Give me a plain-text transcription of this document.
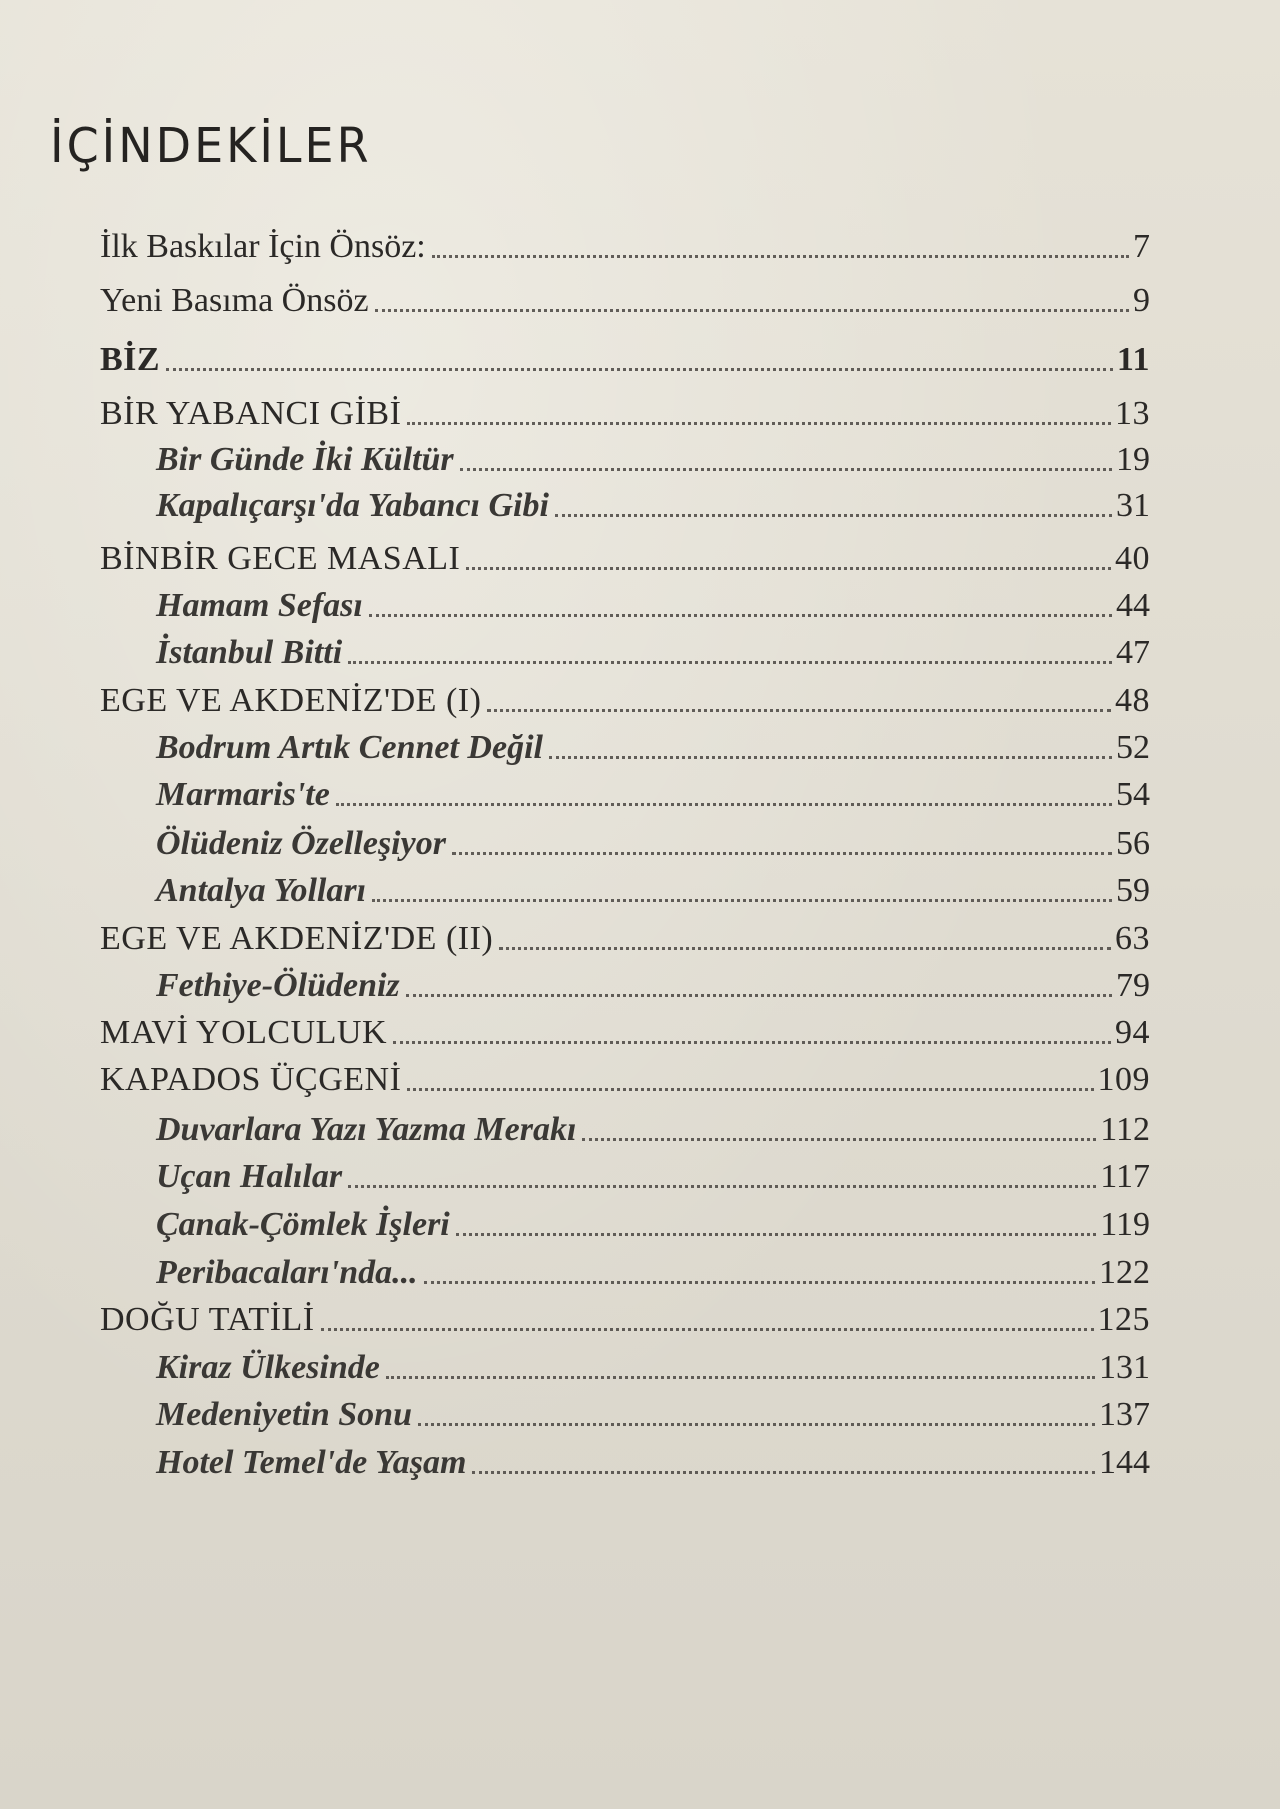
İÇİNDEKİLER
İlk Baskılar İçin Önsöz:	7
Yeni Basıma Önsöz	9
BİZ	11
BİR YABANCI GİBİ	13
Bir Günde İki Kültür	19
Kapalıçarşı'da Yabancı Gibi	31
BİNBİR GECE MASALI	40
Hamam Sefası	44
İstanbul Bitti	47
EGE VE AKDENİZ'DE (I)	48
Bodrum Artık Cennet Değil	52
Marmaris'te	54
Ölüdeniz Özelleşiyor	56
Antalya Yolları	59
EGE VE AKDENİZ'DE (II)	63
Fethiye-Ölüdeniz	79
MAVİ YOLCULUK	94
KAPADOS ÜÇGENİ	109
Duvarlara Yazı Yazma Merakı	112
Uçan Halılar	117
Çanak-Çömlek İşleri	119
Peribacaları'nda...	122
DOĞU TATİLİ	125
Kiraz Ülkesinde	131
Medeniyetin Sonu	137
Hotel Temel'de Yaşam	144
